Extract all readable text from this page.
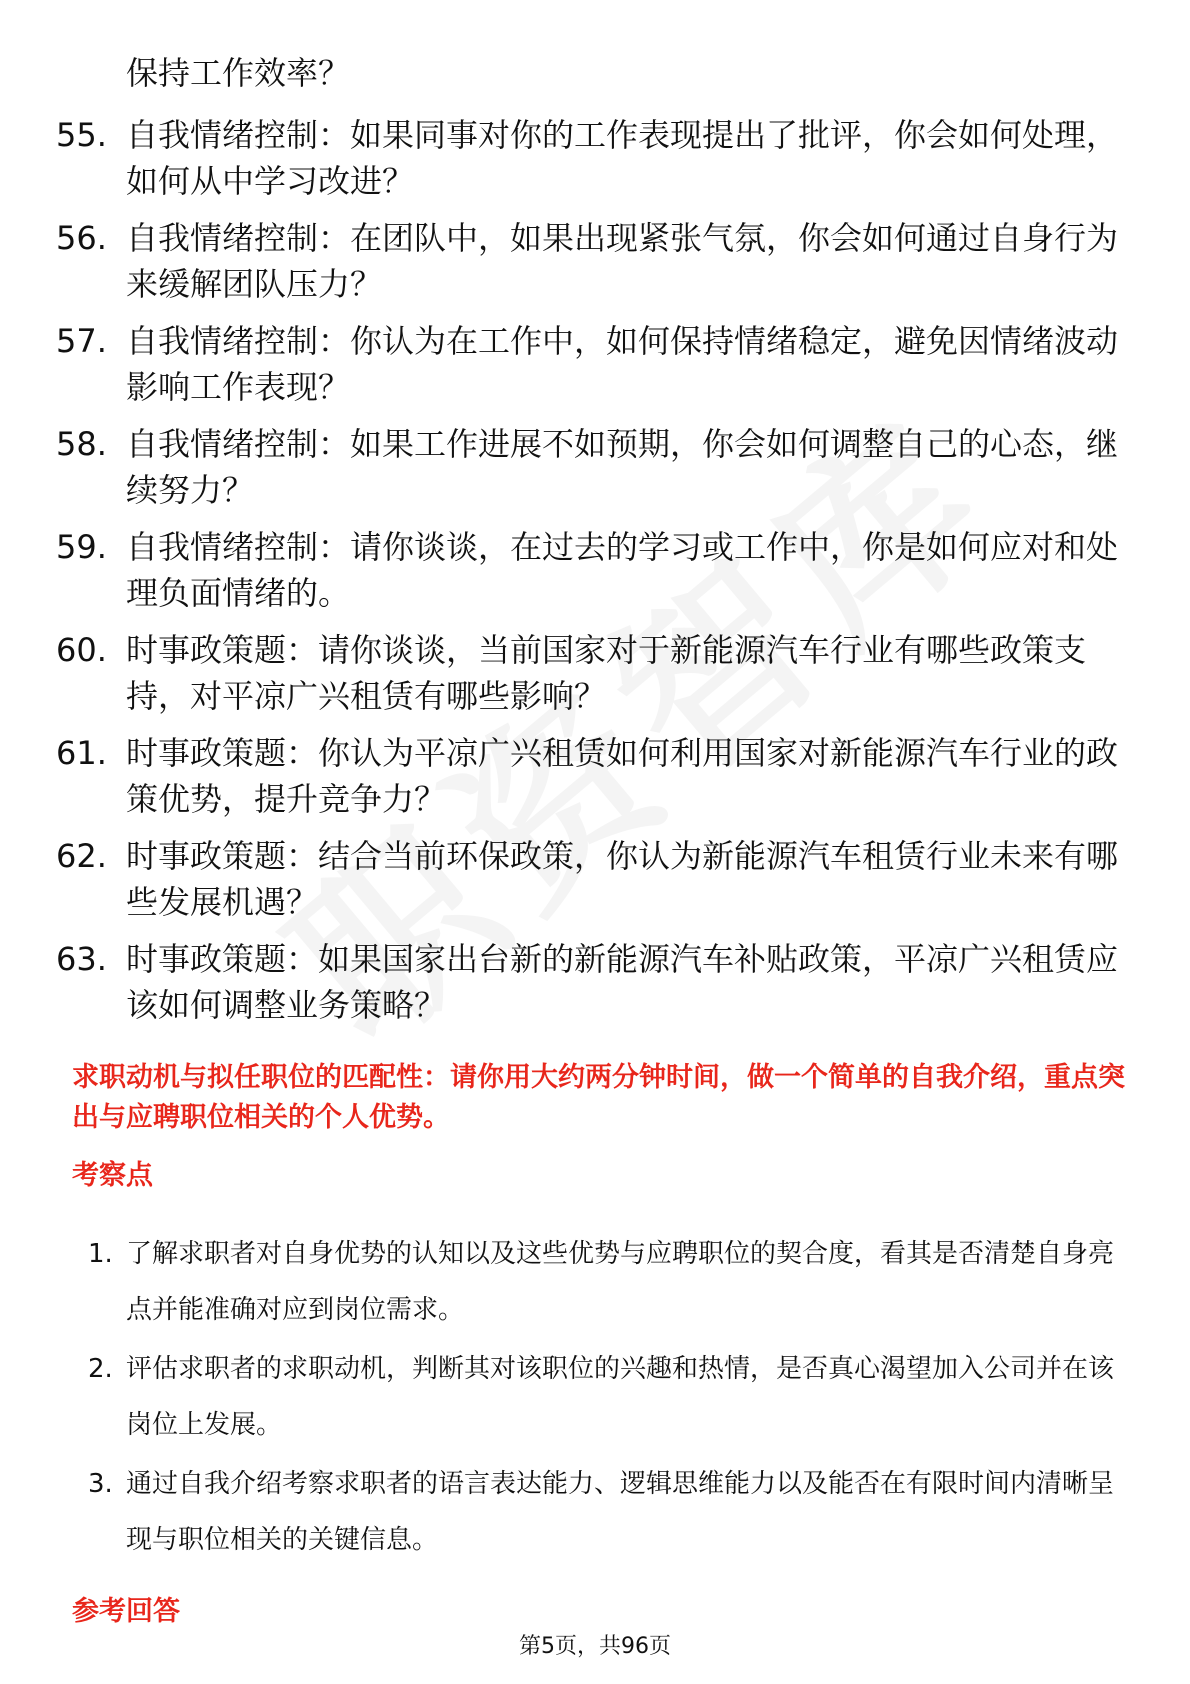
保持工作效率？
55. 自我情绪控制：如果同事对你的工作表现提出了批评，你会如何处理，如何从中学习改进？
56. 自我情绪控制：在团队中，如果出现紧张气氛，你会如何通过自身行为来缓解团队压力？
57. 自我情绪控制：你认为在工作中，如何保持情绪稳定，避免因情绪波动影响工作表现？
58. 自我情绪控制：如果工作进展不如预期，你会如何调整自己的心态，继续努力？
59. 自我情绪控制：请你谈谈，在过去的学习或工作中，你是如何应对和处理负面情绪的。
60. 时事政策题：请你谈谈，当前国家对于新能源汽车行业有哪些政策支持，对平凉广兴租赁有哪些影响？
61. 时事政策题：你认为平凉广兴租赁如何利用国家对新能源汽车行业的政策优势，提升竞争力？
62. 时事政策题：结合当前环保政策，你认为新能源汽车租赁行业未来有哪些发展机遇？
63. 时事政策题：如果国家出台新的新能源汽车补贴政策，平凉广兴租赁应该如何调整业务策略？
求职动机与拟任职位的匹配性：请你用大约两分钟时间，做一个简单的自我介绍，重点突出与应聘职位相关的个人优势。
考察点
1. 了解求职者对自身优势的认知以及这些优势与应聘职位的契合度，看其是否清楚自身亮点并能准确对应到岗位需求。
2. 评估求职者的求职动机，判断其对该职位的兴趣和热情，是否真心渴望加入公司并在该岗位上发展。
3. 通过自我介绍考察求职者的语言表达能力、逻辑思维能力以及能否在有限时间内清晰呈现与职位相关的关键信息。
参考回答
第5页，共96页
